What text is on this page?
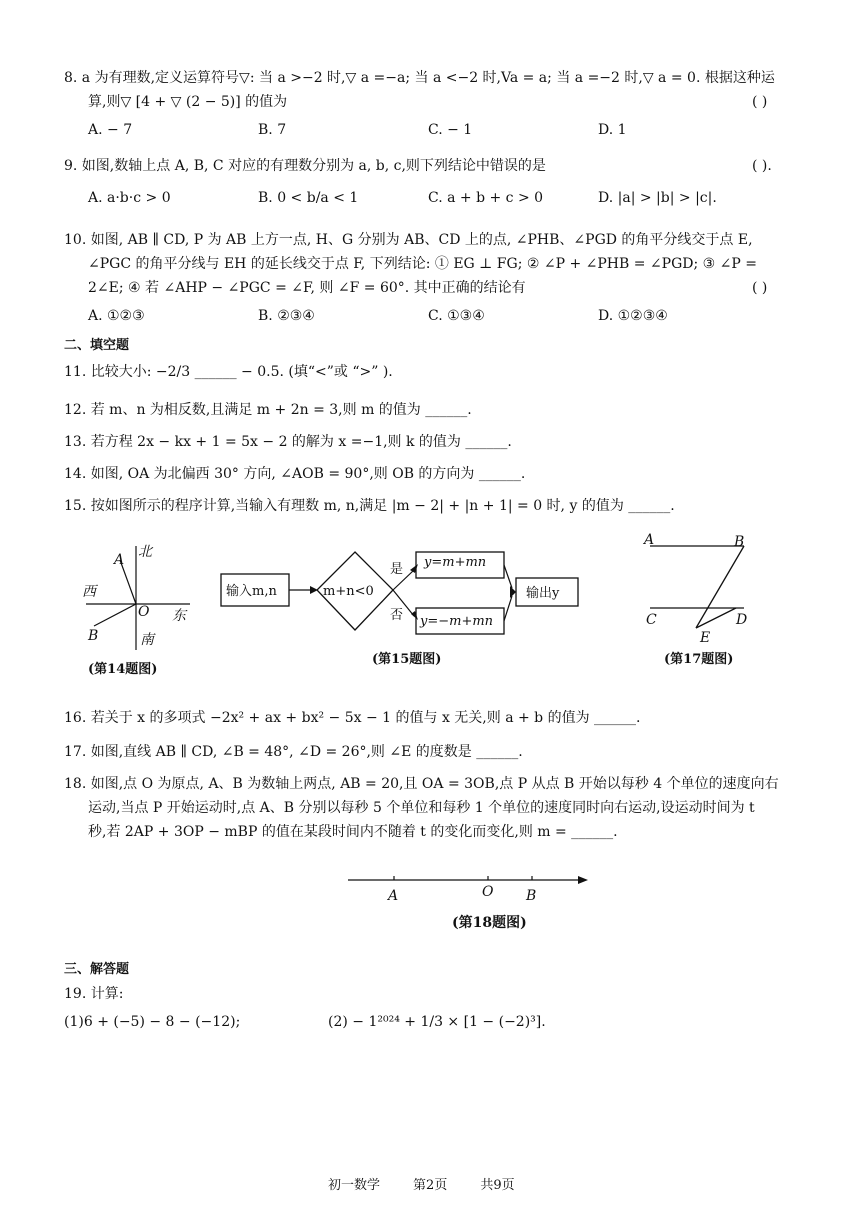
8. a 为有理数,定义运算符号▽: 当 a >−2 时,▽ a =−a; 当 a <−2 时,Va = a; 当 a =−2 时,▽ a = 0. 根据这种运
算,则▽ [4 + ▽ (2 − 5)] 的值为	( )
A. − 7	B. 7	C. − 1	D. 1
9. 如图,数轴上点 A, B, C 对应的有理数分别为 a, b, c,则下列结论中错误的是	( ).
A. a·b·c > 0	B. 0 < b/a < 1	C. a + b + c > 0	D. |a| > |b| > |c|.
10. 如图, AB ∥ CD, P 为 AB 上方一点, H、G 分别为 AB、CD 上的点, ∠PHB、∠PGD 的角平分线交于点 E,
∠PGC 的角平分线与 EH 的延长线交于点 F, 下列结论: ① EG ⊥ FG; ② ∠P + ∠PHB = ∠PGD; ③ ∠P =
2∠E; ④ 若 ∠AHP − ∠PGC = ∠F, 则 ∠F = 60°. 其中正确的结论有	( )
A. ①②③	B. ②③④	C. ①③④	D. ①②③④
二、填空题
11. 比较大小: −2/3 ______ − 0.5. (填“<”或 “>” ).
12. 若 m、n 为相反数,且满足 m + 2n = 3,则 m 的值为 ______.
13. 若方程 2x − kx + 1 = 5x − 2 的解为 x =−1,则 k 的值为 ______.
14. 如图, OA 为北偏西 30° 方向, ∠AOB = 90°,则 OB 的方向为 ______.
15. 按如图所示的程序计算,当输入有理数 m, n,满足 |m − 2| + |n + 1| = 0 时, y 的值为 ______.
北
A
西
O 东
B	南
(第14题图)
输入m,n	m+n<0
是
否
y=m+mn
y=−m+mn
输出y
(第15题图)
A	B
C	D
E
(第17题图)
16. 若关于 x 的多项式 −2x² + ax + bx² − 5x − 1 的值与 x 无关,则 a + b 的值为 ______.
17. 如图,直线 AB ∥ CD, ∠B = 48°, ∠D = 26°,则 ∠E 的度数是 ______.
18. 如图,点 O 为原点, A、B 为数轴上两点, AB = 20,且 OA = 3OB,点 P 从点 B 开始以每秒 4 个单位的速度向右
运动,当点 P 开始运动时,点 A、B 分别以每秒 5 个单位和每秒 1 个单位的速度同时向右运动,设运动时间为 t
秒,若 2AP + 3OP − mBP 的值在某段时间内不随着 t 的变化而变化,则 m = ______.
A	O B
(第18题图)
三、解答题
19. 计算:
(1)6 + (−5) − 8 − (−12);	(2) − 1²⁰²⁴ + 1/3 × [1 − (−2)³].
初一数学        第2页        共9页
